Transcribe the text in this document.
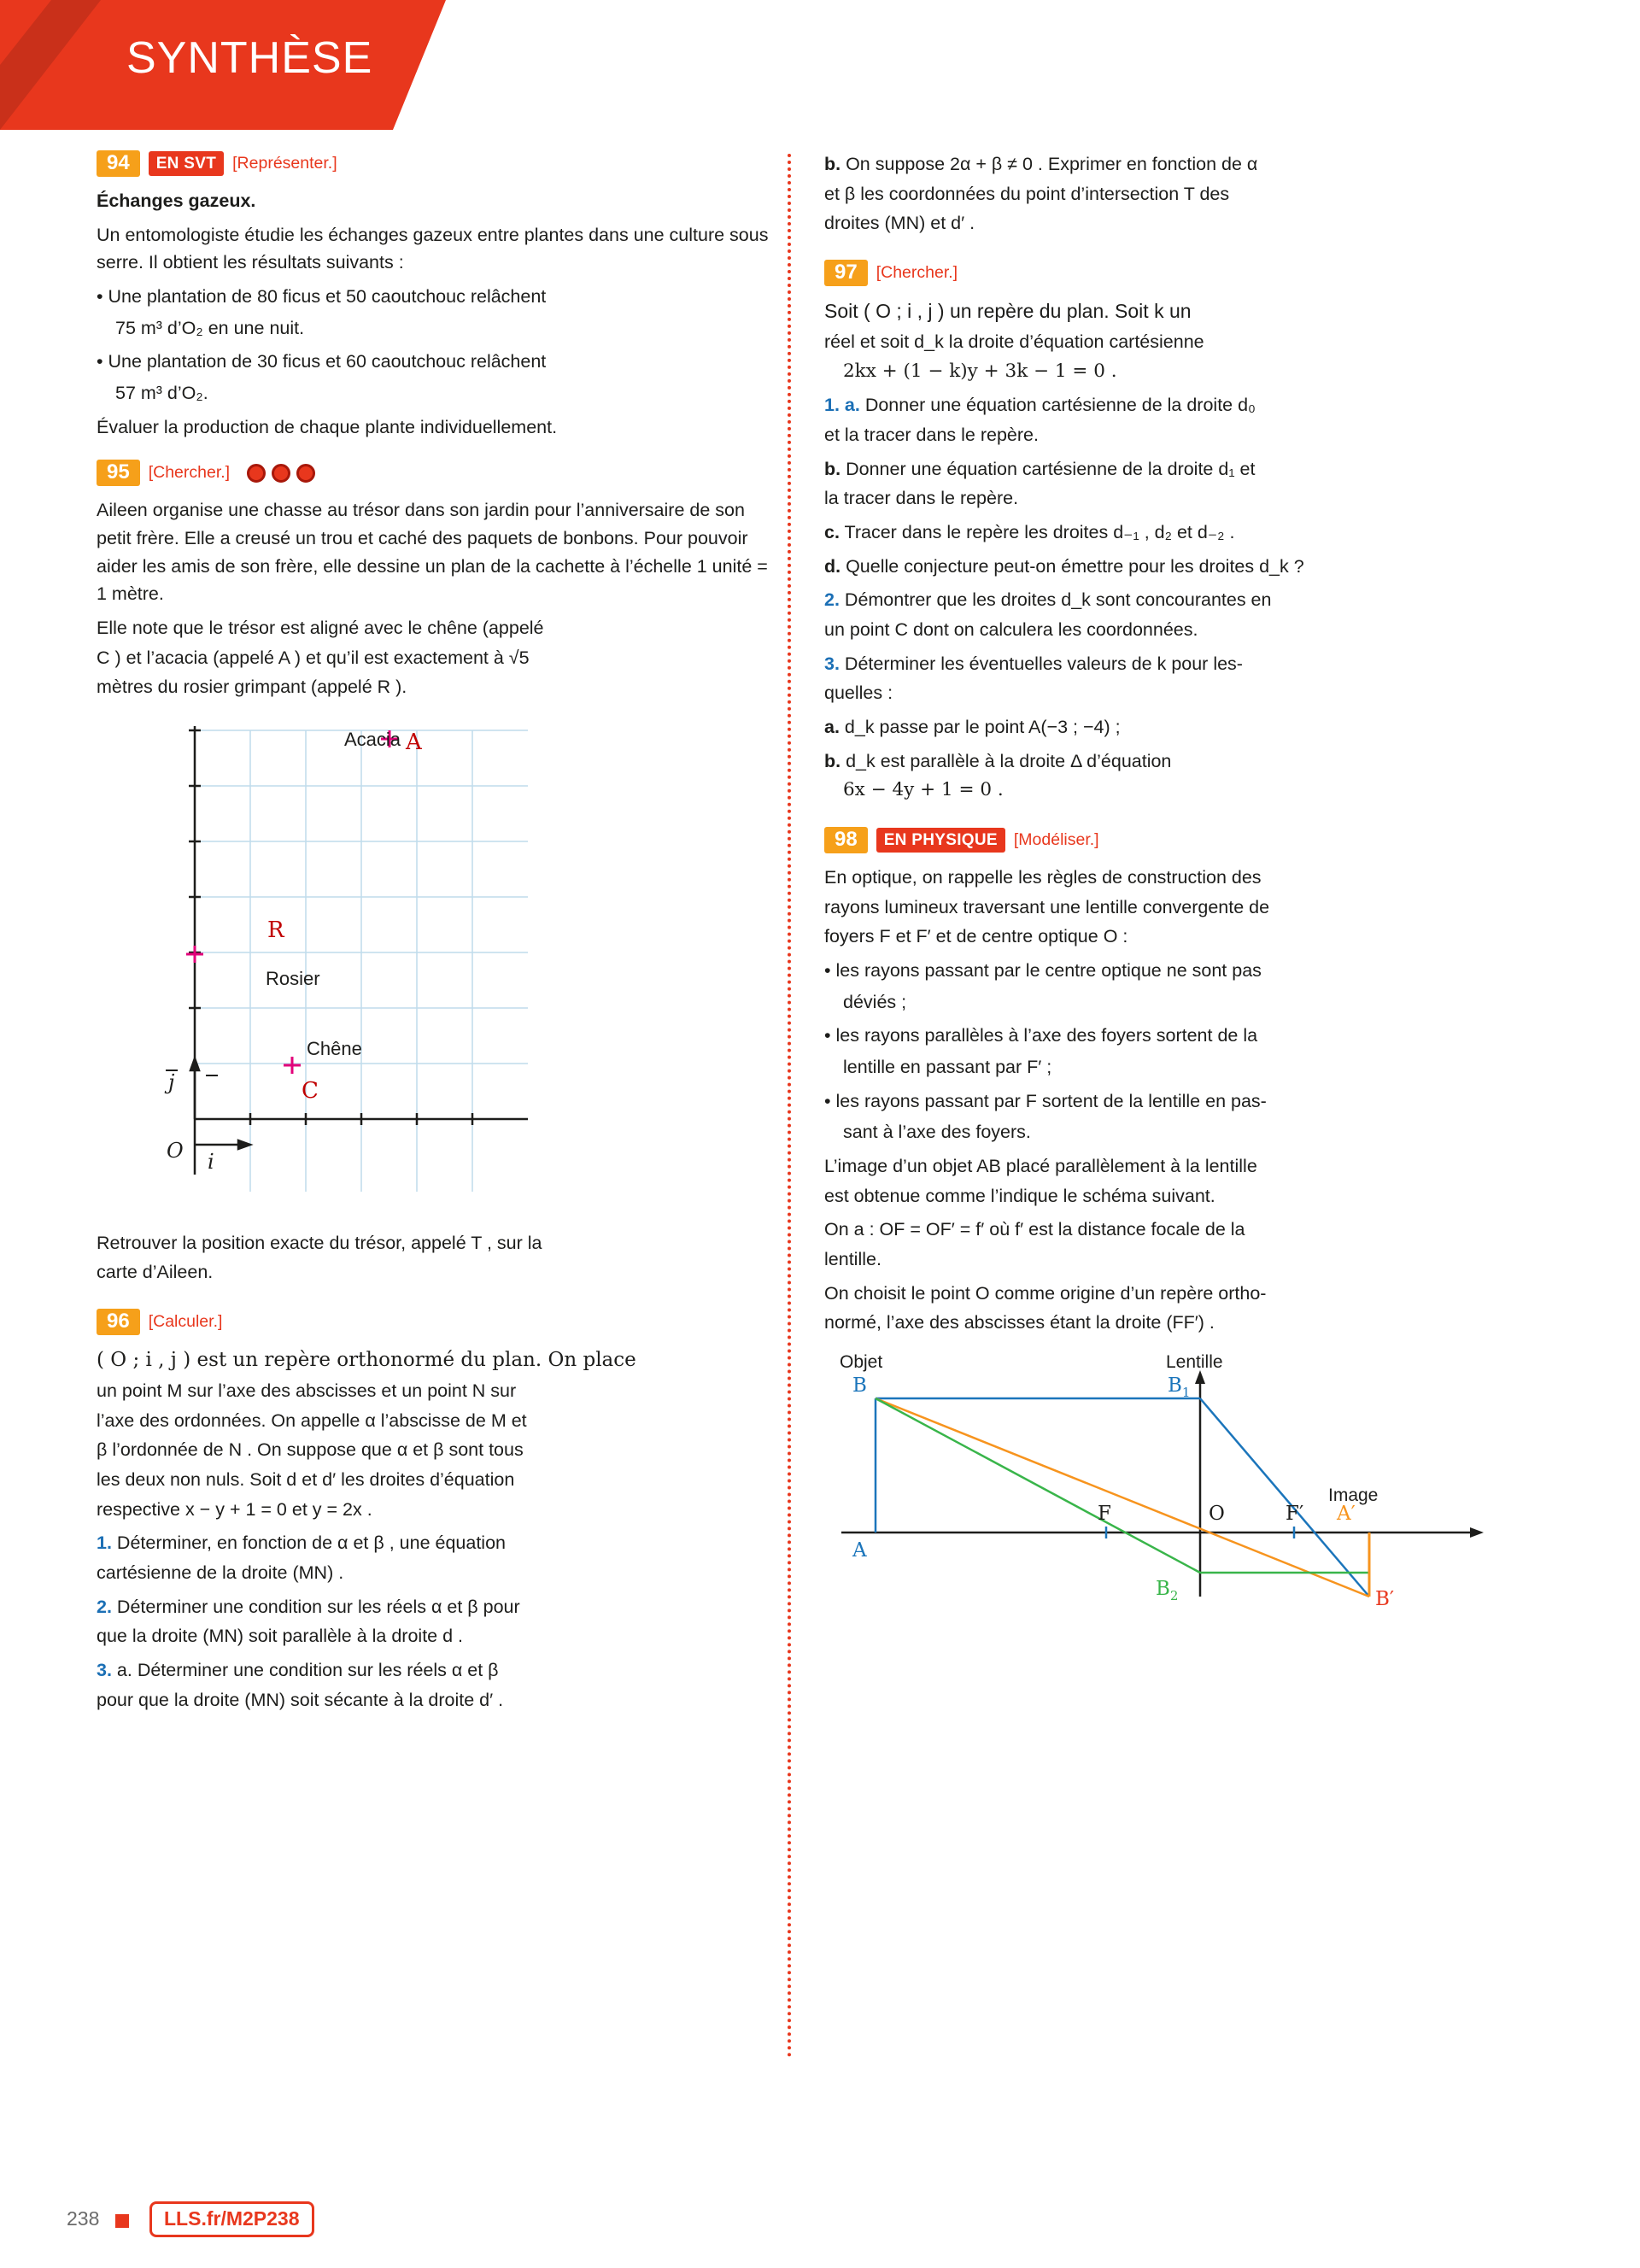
SYNTHÈSE
94	EN SVT [Représenter.]

Échanges gazeux.

Un entomologiste étudie les échanges gazeux entre plantes dans une culture sous serre. Il obtient les résultats suivants :

• Une plantation de 80 ficus et 50 caoutchouc relâchent

75 m³ d’O₂ en une nuit.

• Une plantation de 30 ficus et 60 caoutchouc relâchent

57 m³ d’O₂.

Évaluer la production de chaque plante individuellement.

95	[Chercher.]

Aileen organise une chasse au trésor dans son jardin pour l’anniversaire de son petit frère. Elle a creusé un trou et caché des paquets de bonbons. Pour pouvoir aider les amis de son frère, elle dessine un plan de la cachette à l’échelle 1 unité = 1 mètre.

Elle note que le trésor est aligné avec le chêne (appelé

C ) et l’acacia (appelé A ) et qu’il est exactement à √5

mètres du rosier grimpant (appelé R ).

Acacia A
R
Rosier
Chêne
C
O i
j

Retrouver la position exacte du trésor, appelé T , sur la

carte d’Aileen.

96	[Calculer.]

( O ; i , j ) est un repère orthonormé du plan. On place

un point M sur l’axe des abscisses et un point N sur

l’axe des ordonnées. On appelle α l’abscisse de M et

β l’ordonnée de N . On suppose que α et β sont tous

les deux non nuls. Soit d et d′ les droites d’équation

respective x − y + 1 = 0 et y = 2x .

1. Déterminer, en fonction de α et β , une équation

cartésienne de la droite (MN) .

2. Déterminer une condition sur les réels α et β pour

que la droite (MN) soit parallèle à la droite d .

3. a. Déterminer une condition sur les réels α et β

pour que la droite (MN) soit sécante à la droite d′ .

b. On suppose 2α + β ≠ 0 . Exprimer en fonction de α

et β les coordonnées du point d’intersection T des

droites (MN) et d′ .

97	[Chercher.]

Soit ( O ; i , j ) un repère du plan. Soit k un

réel et soit d_k la droite d’équation cartésienne

2kx + (1 − k)y + 3k − 1 = 0 .

1. a. Donner une équation cartésienne de la droite d₀

et la tracer dans le repère.

b. Donner une équation cartésienne de la droite d₁ et

la tracer dans le repère.

c. Tracer dans le repère les droites d₋₁ , d₂ et d₋₂ .

d. Quelle conjecture peut-on émettre pour les droites d_k ?

2. Démontrer que les droites d_k sont concourantes en

un point C dont on calculera les coordonnées.

3. Déterminer les éventuelles valeurs de k pour les-

quelles :

a. d_k passe par le point A(−3 ; −4) ;

b. d_k est parallèle à la droite Δ d’équation

6x − 4y + 1 = 0 .

98	EN PHYSIQUE [Modéliser.]

En optique, on rappelle les règles de construction des

rayons lumineux traversant une lentille convergente de

foyers F et F′ et de centre optique O :

• les rayons passant par le centre optique ne sont pas

déviés ;

• les rayons parallèles à l’axe des foyers sortent de la

lentille en passant par F′ ;

• les rayons passant par F sortent de la lentille en pas-

sant à l’axe des foyers.

L’image d’un objet AB placé parallèlement à la lentille

est obtenue comme l’indique le schéma suivant.

On a : OF = OF′ = f′ où f′ est la distance focale de la

lentille.

On choisit le point O comme origine d’un repère ortho-

normé, l’axe des abscisses étant la droite (FF′) .

Objet	Lentille
Image
B
A
$B_1$
$B_2$
F	O	F′ A′
B′
238	LLS.fr/M2P238
